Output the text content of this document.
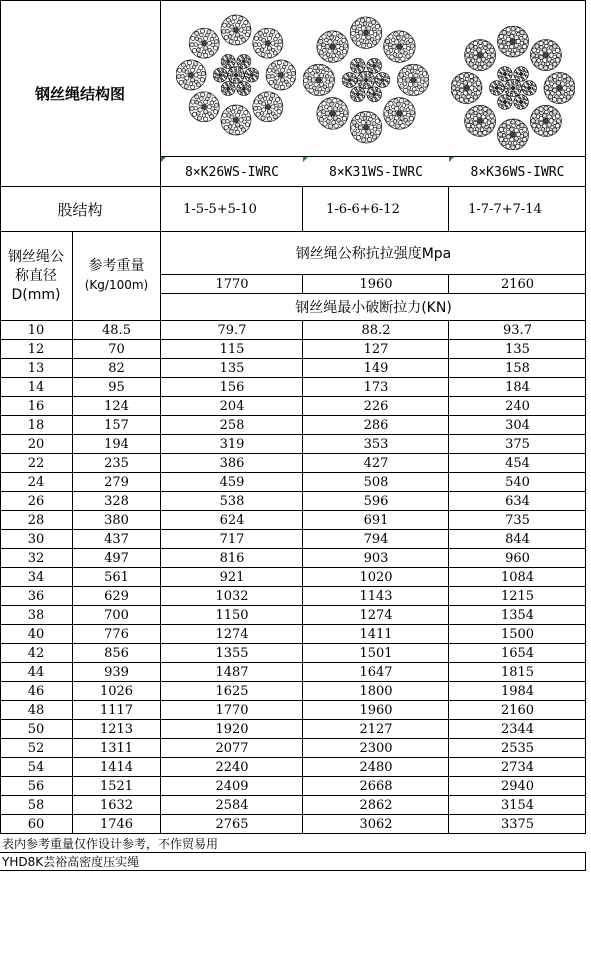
钢丝绳结构图
8×K26WS-IWRC	8×K31WS-IWRC	8×K36WS-IWRC
股结构	1-5-5+5-10	1-6-6+6-12	1-7-7+7-14
钢丝绳公
称直径
D(mm)
参考重量
(Kg/100m)
钢丝绳公称抗拉强度Mpa
1770	1960	2160
钢丝绳最小破断拉力(KN)
10	48.5	79.7	88.2	93.7
12	70	115	127	135
13	82	135	149	158
14	95	156	173	184
16	124	204	226	240
18	157	258	286	304
20	194	319	353	375
22	235	386	427	454
24	279	459	508	540
26	328	538	596	634
28	380	624	691	735
30	437	717	794	844
32	497	816	903	960
34	561	921	1020	1084
36	629	1032	1143	1215
38	700	1150	1274	1354
40	776	1274	1411	1500
42	856	1355	1501	1654
44	939	1487	1647	1815
46	1026	1625	1800	1984
48	1117	1770	1960	2160
50	1213	1920	2127	2344
52	1311	2077	2300	2535
54	1414	2240	2480	2734
56	1521	2409	2668	2940
58	1632	2584	2862	3154
60	1746	2765	3062	3375
表内参考重量仅作设计参考，不作贸易用
YHD8K芸裕高密度压实绳
